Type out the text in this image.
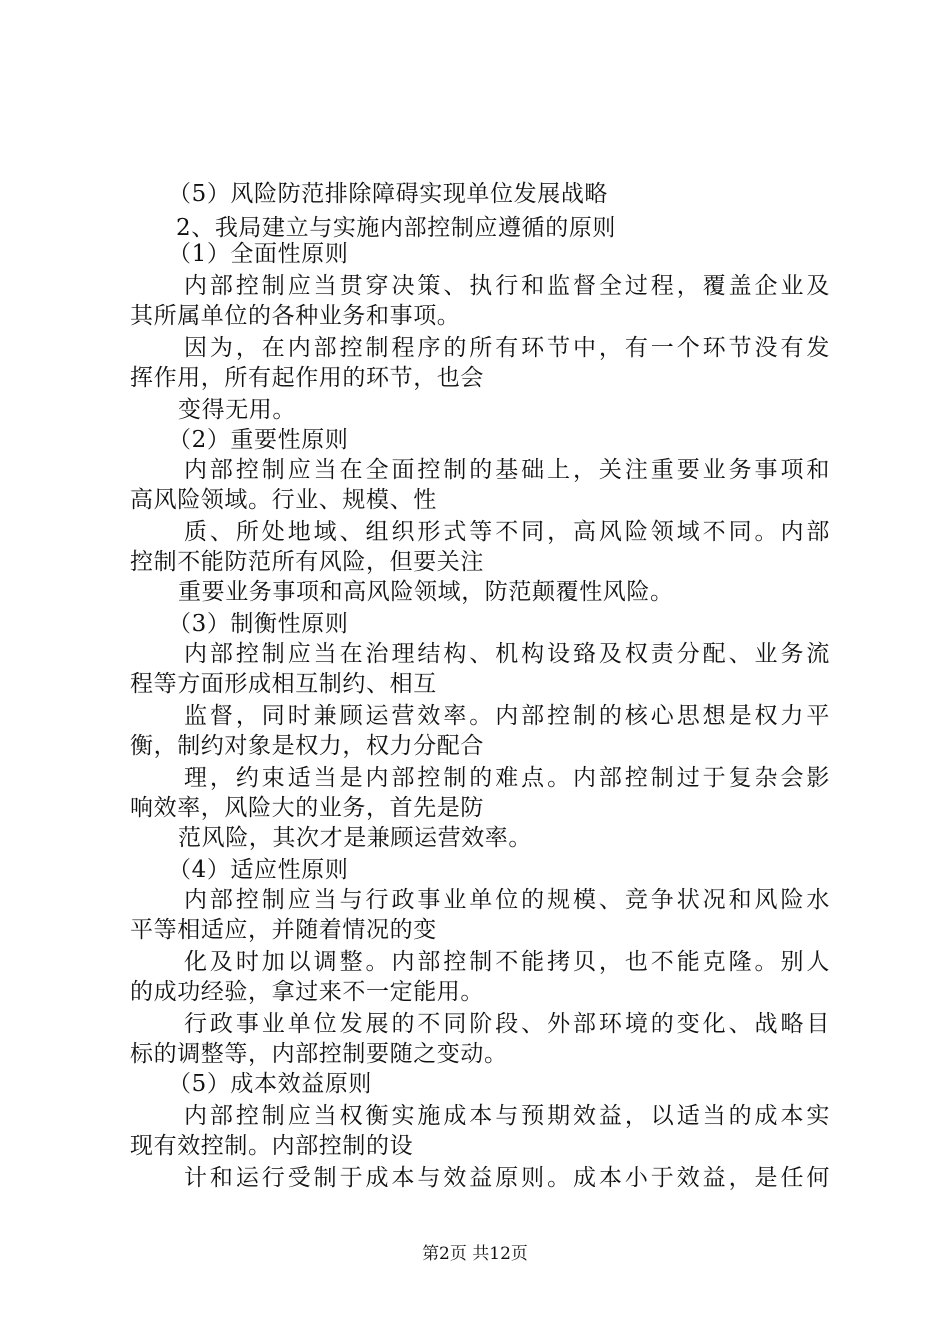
（5）风险防范排除障碍实现单位发展战略
2、我局建立与实施内部控制应遵循的原则
（1）全面性原则
内部控制应当贯穿决策、执行和监督全过程，覆盖企业及
其所属单位的各种业务和事项。
因为，在内部控制程序的所有环节中，有一个环节没有发
挥作用，所有起作用的环节，也会
变得无用。
（2）重要性原则
内部控制应当在全面控制的基础上，关注重要业务事项和
高风险领域。行业、规模、性
质、所处地域、组织形式等不同，高风险领域不同。内部
控制不能防范所有风险，但要关注
重要业务事项和高风险领域，防范颠覆性风险。
（3）制衡性原则
内部控制应当在治理结构、机构设臵及权责分配、业务流
程等方面形成相互制约、相互
监督，同时兼顾运营效率。内部控制的核心思想是权力平
衡，制约对象是权力，权力分配合
理，约束适当是内部控制的难点。内部控制过于复杂会影
响效率，风险大的业务，首先是防
范风险，其次才是兼顾运营效率。
（4）适应性原则
内部控制应当与行政事业单位的规模、竞争状况和风险水
平等相适应，并随着情况的变
化及时加以调整。内部控制不能拷贝，也不能克隆。别人
的成功经验，拿过来不一定能用。
行政事业单位发展的不同阶段、外部环境的变化、战略目
标的调整等，内部控制要随之变动。
（5）成本效益原则
内部控制应当权衡实施成本与预期效益，以适当的成本实
现有效控制。内部控制的设
计和运行受制于成本与效益原则。成本小于效益，是任何
第2页 共12页
